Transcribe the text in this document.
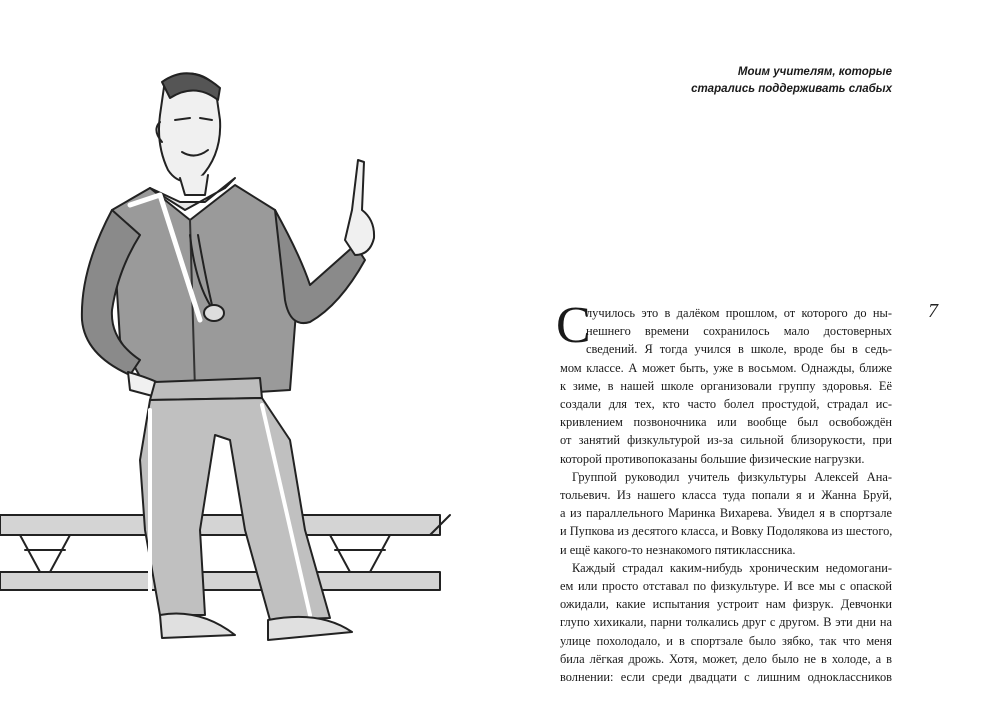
Моим учителям, которые
старались поддерживать слабых
7
С
лучилось это в далёком прошлом, от которого до ны-
нешнего времени сохранилось мало достоверных
сведений. Я тогда учился в школе, вроде бы в седь-
мом классе. А может быть, уже в восьмом. Однажды, ближе
к зиме, в нашей школе организовали группу здоровья. Её
создали для тех, кто часто болел простудой, страдал ис-
кривлением позвоночника или вообще был освобождён
от занятий физкультурой из-за сильной близорукости, при
которой противопоказаны большие физические нагрузки.
Группой руководил учитель физкультуры Алексей Ана-
тольевич. Из нашего класса туда попали я и Жанна Бруй,
а из параллельного Маринка Вихарева. Увидел я в спортзале
и Пупкова из десятого класса, и Вовку Подолякова из шестого,
и ещё какого-то незнакомого пятиклассника.
Каждый страдал каким-нибудь хроническим недомогани-
ем или просто отставал по физкультуре. И все мы с опаской
ожидали, какие испытания устроит нам физрук. Девчонки
глупо хихикали, парни толкались друг с другом. В эти дни на
улице похолодало, и в спортзале было зябко, так что меня
била лёгкая дрожь. Хотя, может, дело было не в холоде, а в
волнении: если среди двадцати с лишним одноклассников
